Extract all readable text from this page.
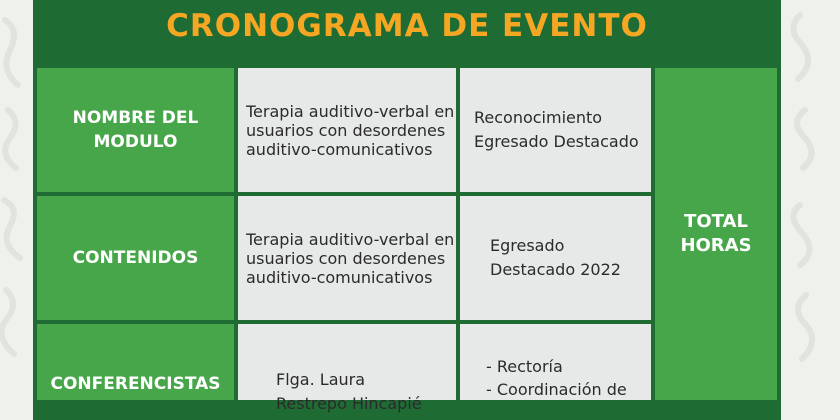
CRONOGRAMA DE EVENTO
NOMBRE DEL
MODULO
Terapia auditivo-verbal en
usuarios con desordenes
auditivo-comunicativos
Reconocimiento
Egresado Destacado
CONTENIDOS
Terapia auditivo-verbal en
usuarios con desordenes
auditivo-comunicativos
Egresado
Destacado 2022
CONFERENCISTAS	Flga. Laura
Restrepo Hincapié
- Rectoría
- Coordinación de
TOTAL
HORAS
